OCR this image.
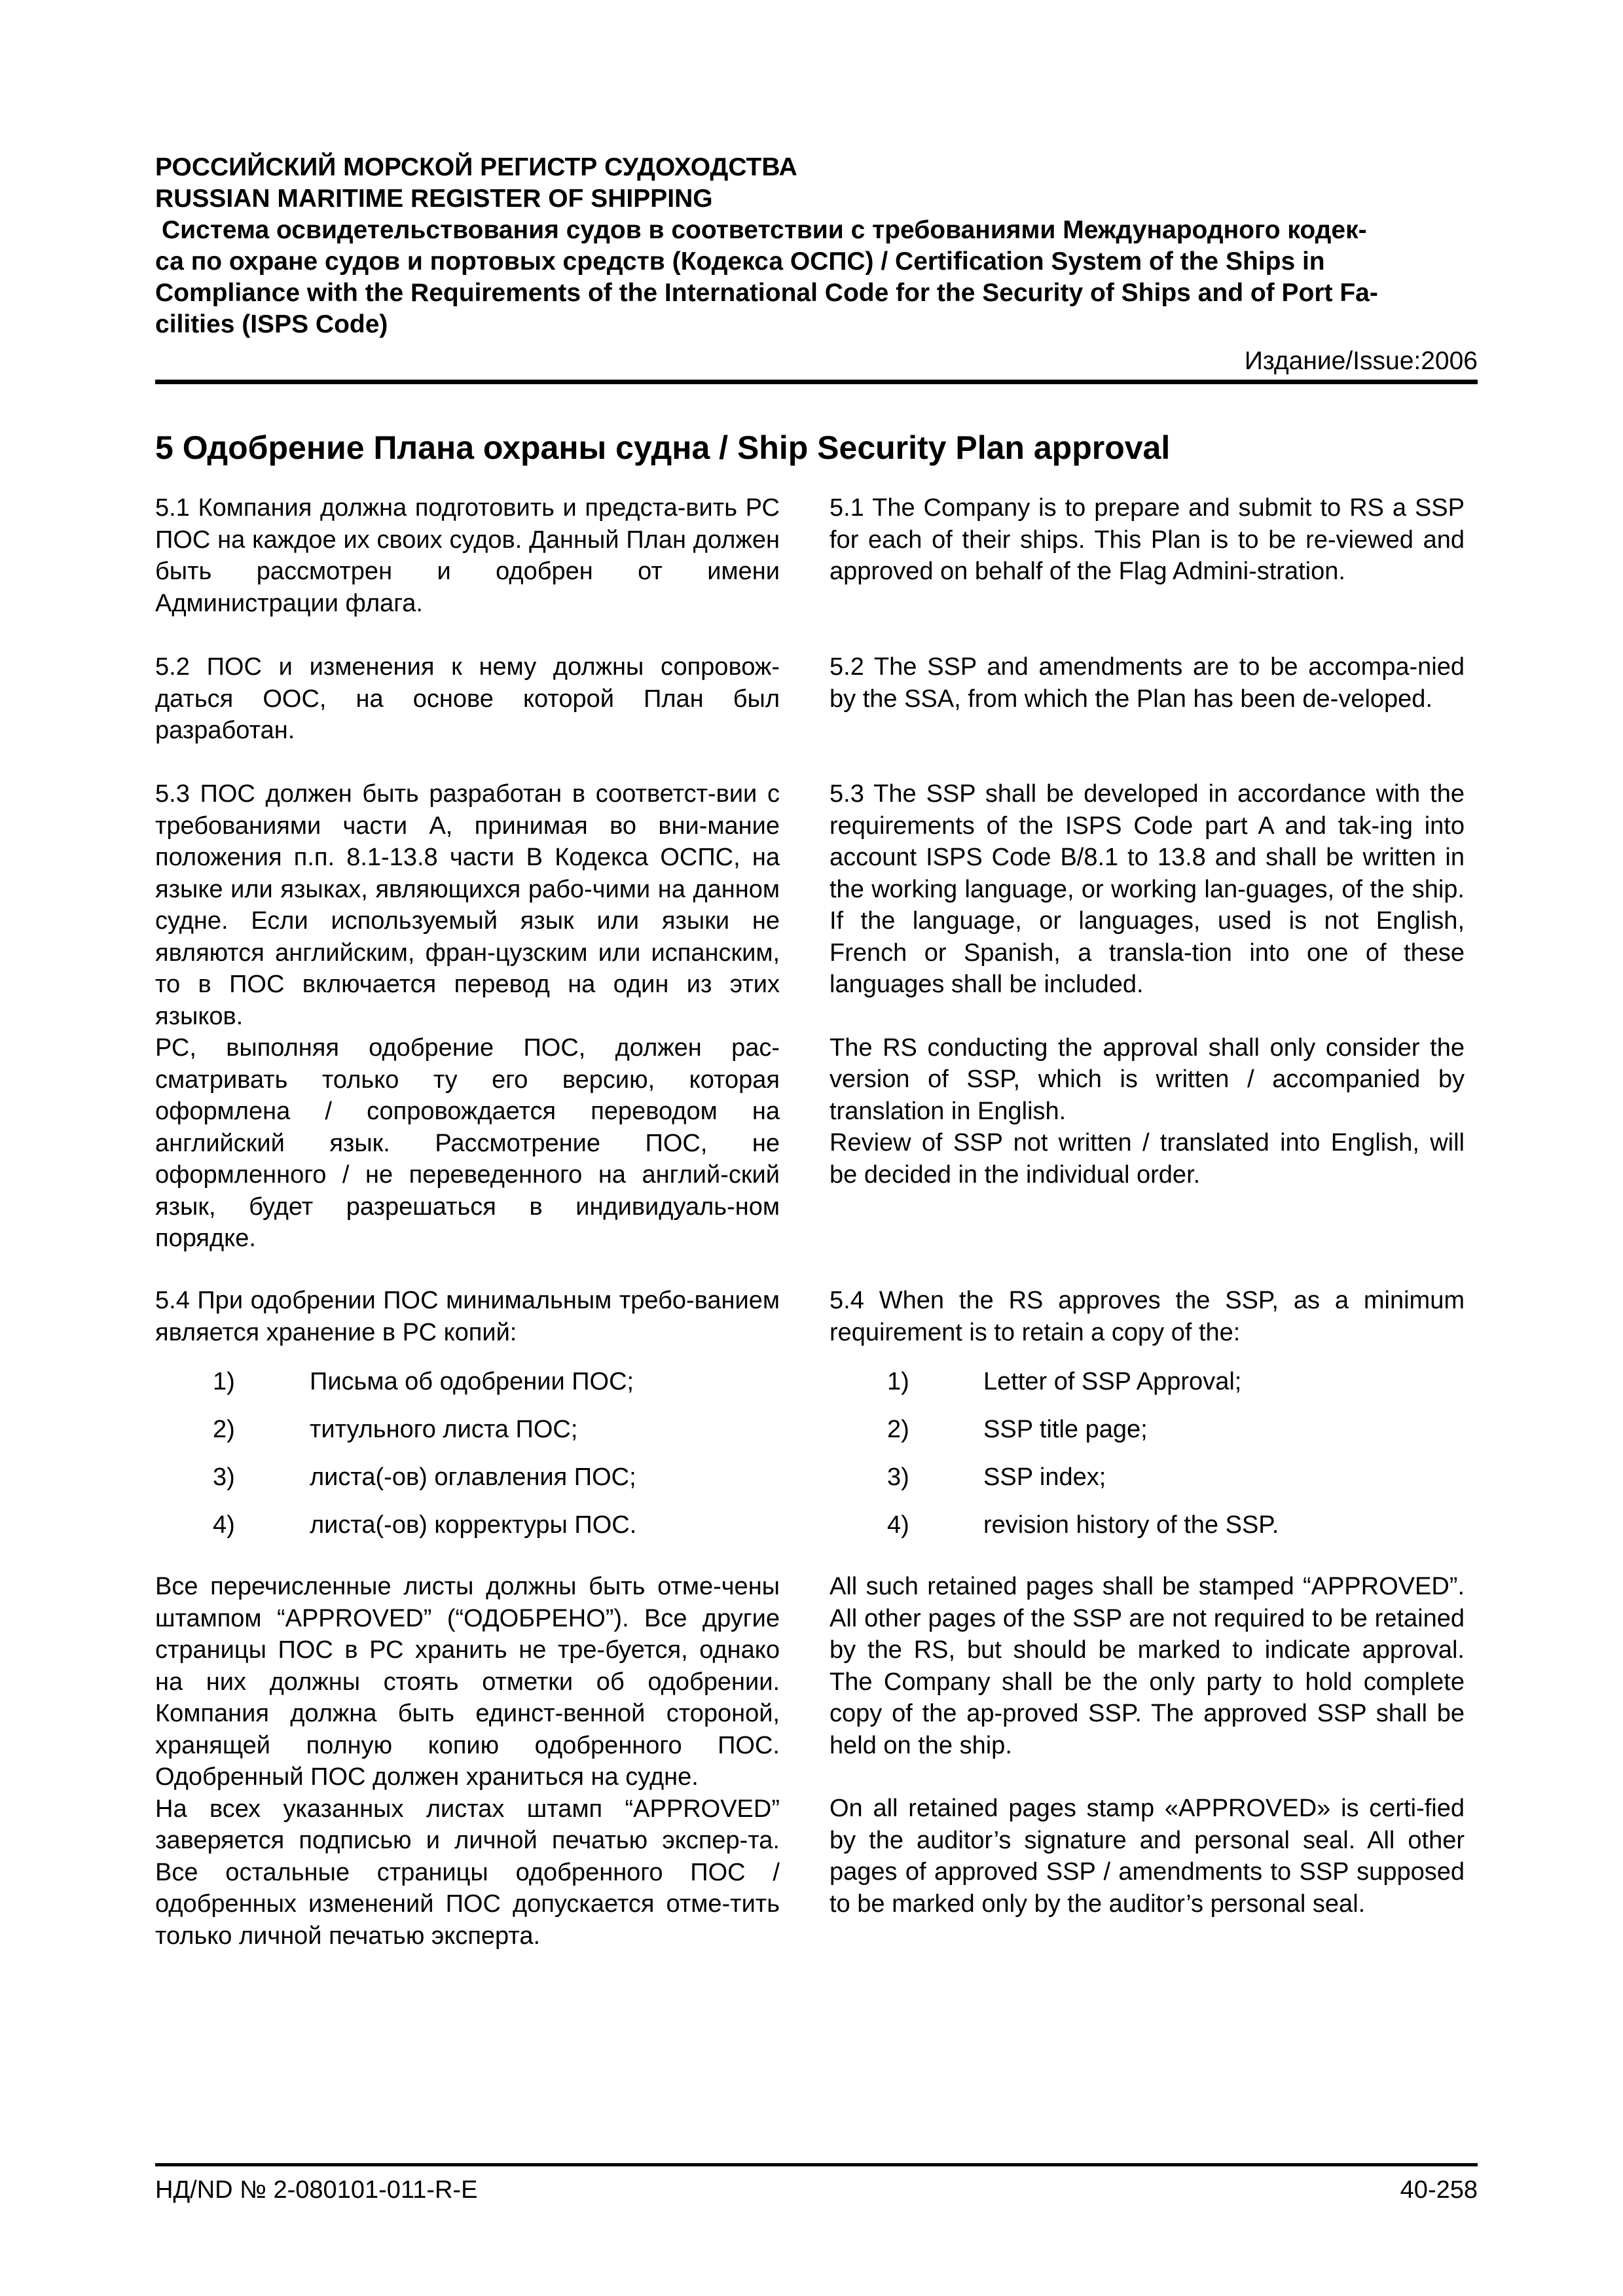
РОССИЙСКИЙ МОРСКОЙ РЕГИСТР СУДОХОДСТВА
RUSSIAN MARITIME REGISTER OF SHIPPING
Система освидетельствования судов в соответствии с требованиями Международного кодек-
са по охране судов и портовых средств (Кодекса ОСПС) / Certification System of the Ships in
Compliance with the Requirements of the International Code for the Security of Ships and of Port Fa-
cilities (ISPS Code)
Издание/Issue:2006
5 Одобрение Плана охраны судна / Ship Security Plan approval
5.1 Компания должна подготовить и предста-вить РС ПОС на каждое их своих судов. Данный План должен быть рассмотрен и одобрен от имени Администрации флага.
5.1 The Company is to prepare and submit to RS a SSP for each of their ships. This Plan is to be re-viewed and approved on behalf of the Flag Admini-stration.
5.2 ПОС и изменения к нему должны сопровож-даться ООС, на основе которой План был разработан.
5.2 The SSP and amendments are to be accompa-nied by the SSA, from which the Plan has been de-veloped.

5.3 ПОС должен быть разработан в соответст-вии с требованиями части А, принимая во вни-мание положения п.п. 8.1-13.8 части В Кодекса ОСПС, на языке или языках, являющихся рабо-чими на данном судне. Если используемый язык или языки не являются английским, фран-цузским или испанским, то в ПОС включается перевод на один из этих языков.

РС, выполняя одобрение ПОС, должен рас-сматривать только ту его версию, которая оформлена / сопровождается переводом на английский язык. Рассмотрение ПОС, не оформленного / не переведенного на англий-ский язык, будет разрешаться в индивидуаль-ном порядке.

5.3 The SSP shall be developed in accordance with the requirements of the ISPS Code part A and tak-ing into account ISPS Code B/8.1 to 13.8 and shall be written in the working language, or working lan-guages, of the ship. If the language, or languages, used is not English, French or Spanish, a transla-tion into one of these languages shall be included.

The RS conducting the approval shall only consider the version of SSP, which is written / accompanied by translation in English.

Review of SSP not written / translated into English, will be decided in the individual order.

5.4 При одобрении ПОС минимальным требо-ванием является хранение в РС копий:
5.4 When the RS approves the SSP, as a minimum requirement is to retain a copy of the:
1)	Письма об одобрении ПОС;
2)	титульного листа ПОС;
3)	листа(-ов) оглавления ПОС;
4)	листа(-ов) корректуры ПОС.
1)	Letter of SSP Approval;
2)	SSP title page;
3)	SSP index;
4)	revision history of the SSP.

Все перечисленные листы должны быть отме-чены штампом “APPROVED” (“ОДОБРЕНО”). Все другие страницы ПОС в РС хранить не тре-буется, однако на них должны стоять отметки об одобрении. Компания должна быть единст-венной стороной, хранящей полную копию одобренного ПОС. Одобренный ПОС должен храниться на судне.

На всех указанных листах штамп “APPROVED” заверяется подписью и личной печатью экспер-та. Все остальные страницы одобренного ПОС / одобренных изменений ПОС допускается отме-тить только личной печатью эксперта.

All such retained pages shall be stamped “APPROVED”. All other pages of the SSP are not required to be retained by the RS, but should be marked to indicate approval. The Company shall be the only party to hold complete copy of the ap-proved SSP. The approved SSP shall be held on the ship.

On all retained pages stamp «APPROVED» is certi-fied by the auditor’s signature and personal seal. All other pages of approved SSP / amendments to SSP supposed to be marked only by the auditor’s personal seal.

НД/ND № 2-080101-011-R-E	40-258
